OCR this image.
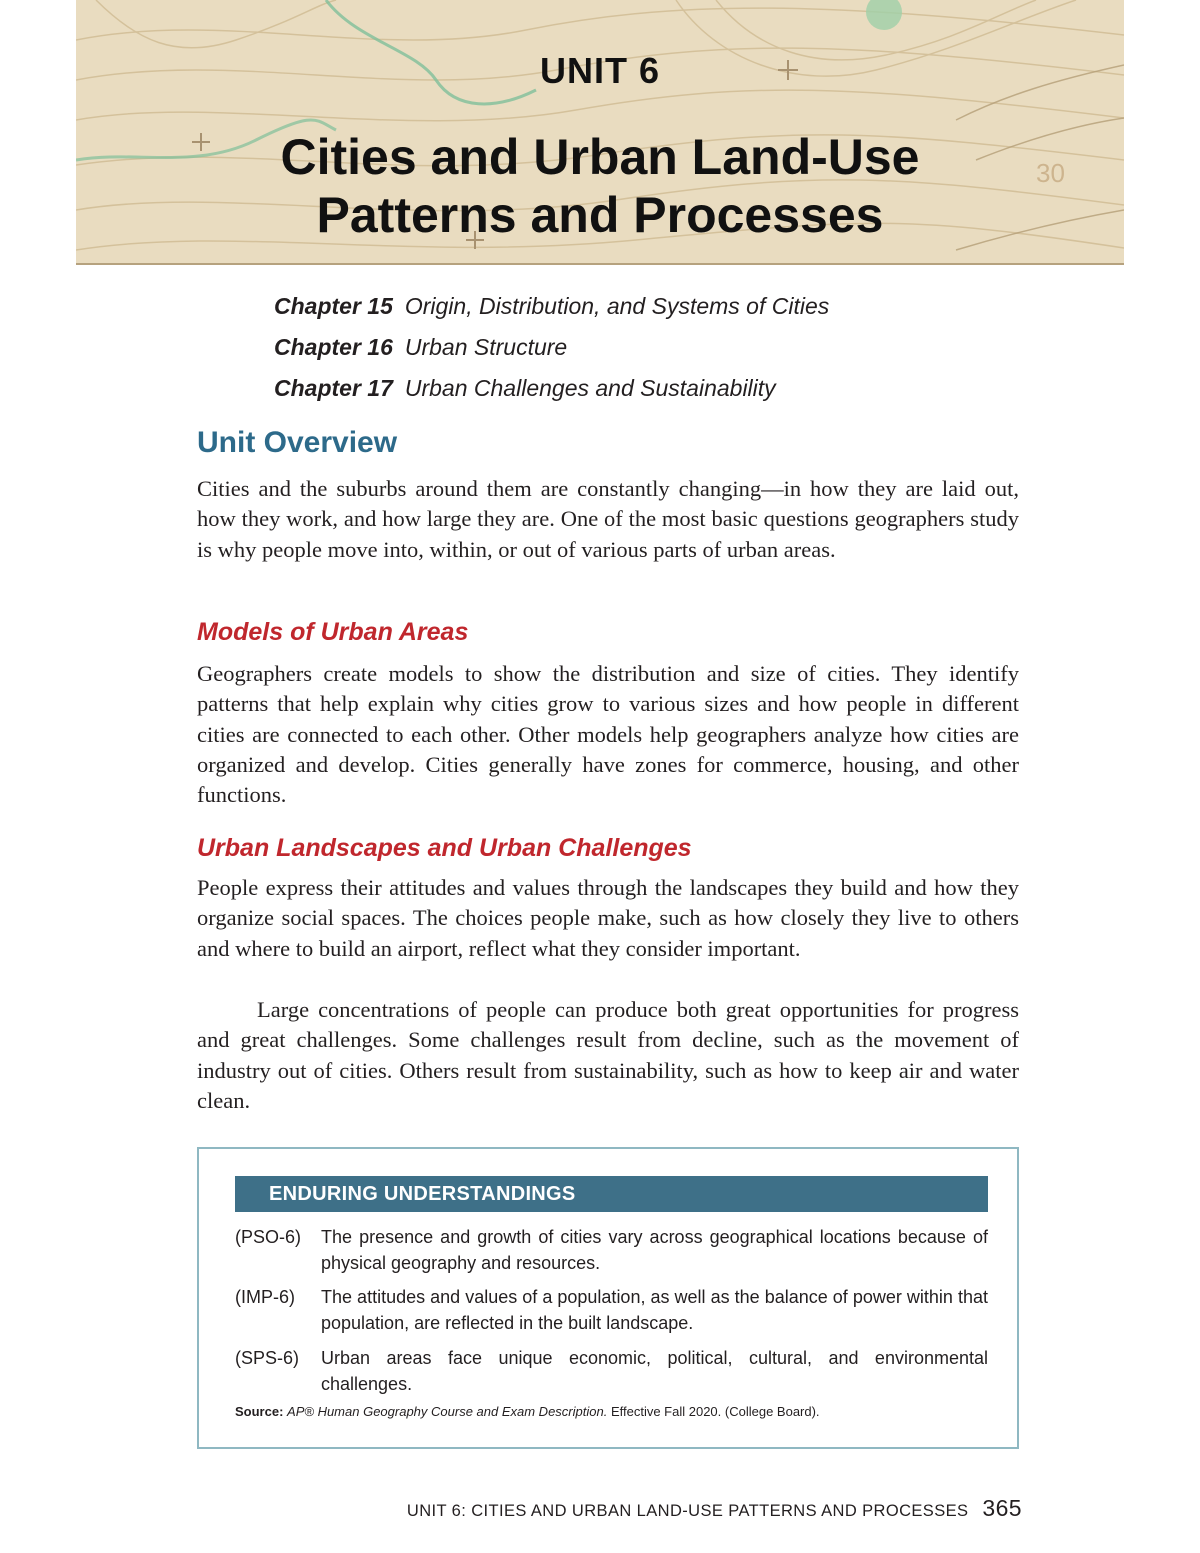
30
UNIT 6
Cities and Urban Land-Use
Patterns and Processes
Chapter 15 Origin, Distribution, and Systems of Cities
Chapter 16 Urban Structure
Chapter 17 Urban Challenges and Sustainability
Unit Overview

Cities and the suburbs around them are constantly changing—in how they are laid out, how they work, and how large they are. One of the most basic questions geographers study is why people move into, within, or out of various parts of urban areas.

Models of Urban Areas

Geographers create models to show the distribution and size of cities. They identify patterns that help explain why cities grow to various sizes and how people in different cities are connected to each other. Other models help geographers analyze how cities are organized and develop. Cities generally have zones for commerce, housing, and other functions.

Urban Landscapes and Urban Challenges

People express their attitudes and values through the landscapes they build and how they organize social spaces. The choices people make, such as how closely they live to others and where to build an airport, reflect what they consider important.

Large concentrations of people can produce both great opportunities for progress and great challenges. Some challenges result from decline, such as the movement of industry out of cities. Others result from sustainability, such as how to keep air and water clean.

ENDURING UNDERSTANDINGS
(PSO-6) The presence and growth of cities vary across geographical locations because of physical geography and resources.
(IMP-6) The attitudes and values of a population, as well as the balance of power within that population, are reflected in the built landscape.
(SPS-6) Urban areas face unique economic, political, cultural, and environmental challenges.
Source: AP® Human Geography Course and Exam Description. Effective Fall 2020. (College Board).
UNIT 6: CITIES AND URBAN LAND-USE PATTERNS AND PROCESSES 365
